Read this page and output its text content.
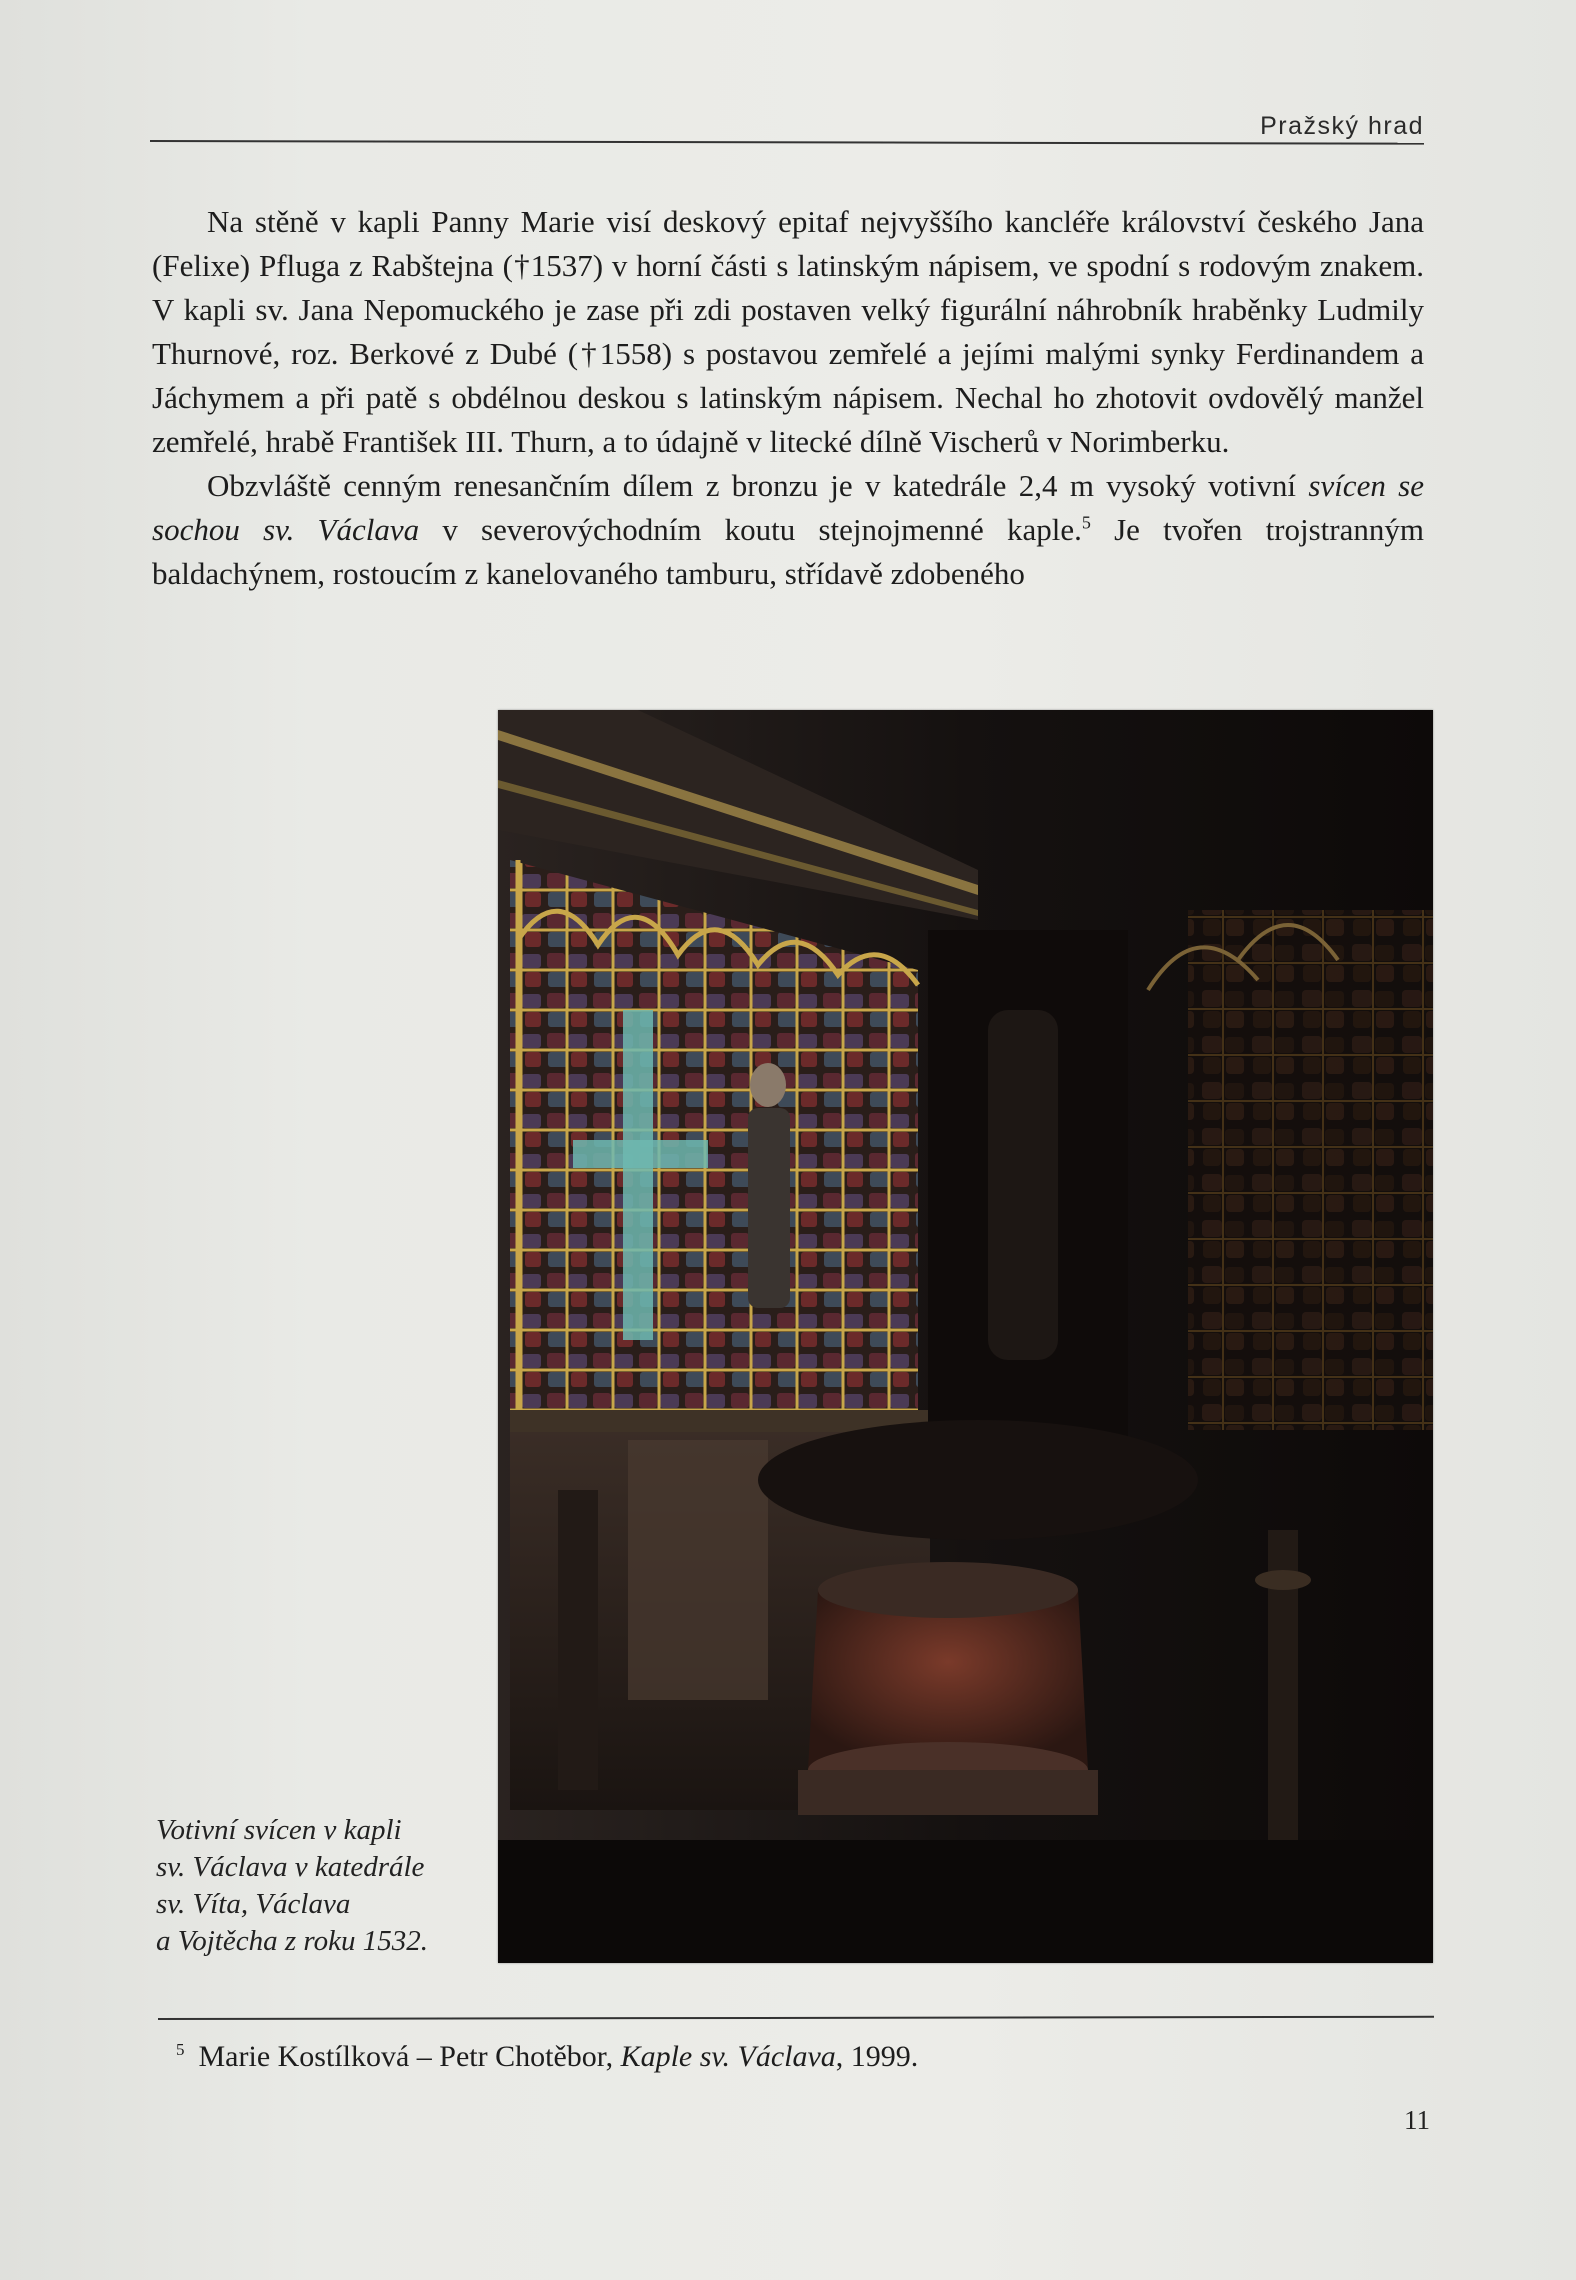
Pražský hrad

Na stěně v kapli Panny Marie visí deskový epitaf nejvyššího kancléře království českého Jana (Felixe) Pfluga z Rabštejna (†1537) v horní části s latinským nápisem, ve spodní s rodovým znakem. V kapli sv. Jana Nepomuckého je zase při zdi postaven velký figurální náhrobník hraběnky Ludmily Thurnové, roz. Berkové z Dubé (†1558) s postavou zemřelé a jejími malými synky Ferdinandem a Jáchymem a při patě s obdélnou deskou s latinským nápisem. Nechal ho zhotovit ovdovělý manžel zemřelé, hrabě František III. Thurn, a to údajně v litecké dílně Vischerů v Norimberku.

Obzvláště cenným renesančním dílem z bronzu je v katedrále 2,4 m vysoký votivní svícen se sochou sv. Václava v severovýchodním koutu stejnojmenné kaple.$^5$ Je tvořen trojstranným baldachýnem, rostoucím z kanelovaného tamburu, střídavě zdobeného

Votivní svícen v kapli
sv. Václava v katedrále
sv. Víta, Václava
a Vojtěcha z roku 1532.
$^5$ Marie Kostílková – Petr Chotěbor, Kaple sv. Václava, 1999.
11
